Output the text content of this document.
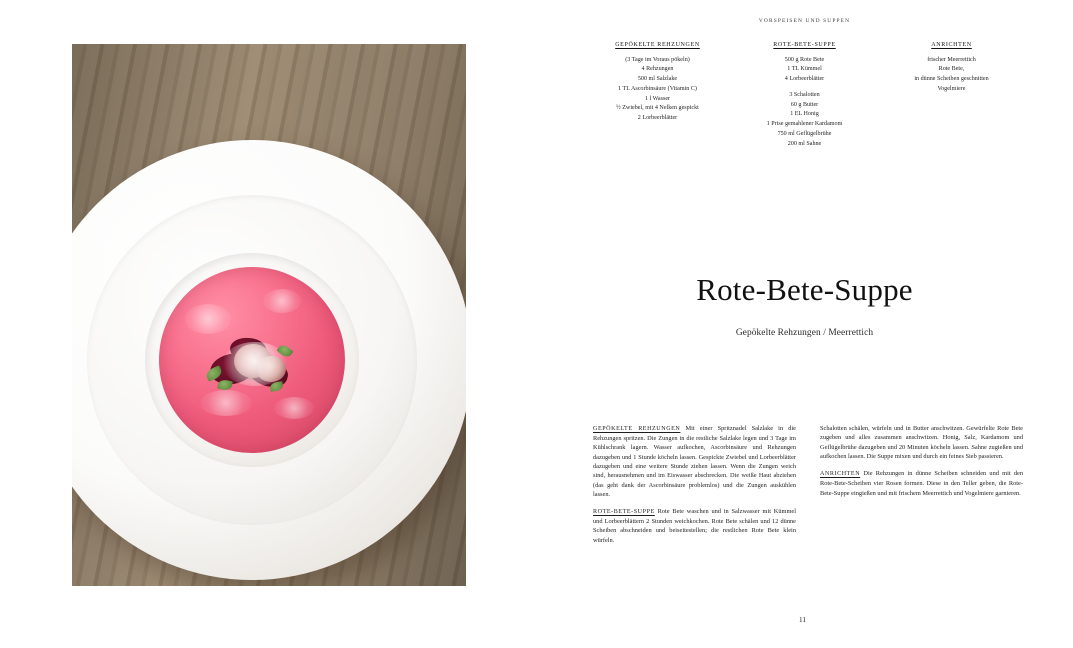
VORSPEISEN UND SUPPEN
GEPÖKELTE REHZUNGEN
(3 Tage im Voraus pökeln)
4 Rehzungen
500 ml Salzlake
1 TL Ascorbinsäure (Vitamin C)
1 l Wasser
½ Zwiebel, mit 4 Nelken gespickt
2 Lorbeerblätter
ROTE-BETE-SUPPE
500 g Rote Bete
1 TL Kümmel
4 Lorbeerblätter
3 Schalotten
60 g Butter
1 EL Honig
1 Prise gemahlener Kardamom
750 ml Geflügelbrühe
200 ml Sahne
ANRICHTEN
frischer Meerrettich
Rote Bete,
in dünne Scheiben geschnitten
Vogelmiere
Rote-Bete-Suppe
Gepökelte Rehzungen / Meerrettich

GEPÖKELTE REHZUNGEN Mit einer Spritznadel Salzlake in die Rehzungen spritzen. Die Zungen in die restliche Salzlake legen und 3 Tage im Kühlschrank lagern. Wasser aufkochen, Ascorbinsäure und Rehzungen dazugeben und 1 Stunde köcheln lassen. Gespickte Zwiebel und Lorbeerblätter dazugeben und eine weitere Stunde ziehen lassen. Wenn die Zungen weich sind, herausnehmen und im Eiswasser abschrecken. Die weiße Haut abziehen (das geht dank der Ascorbinsäure problemlos) und die Zungen auskühlen lassen.

ROTE-BETE-SUPPE Rote Bete waschen und in Salzwasser mit Kümmel und Lorbeerblättern 2 Stunden weichkochen. Rote Bete schälen und 12 dünne Scheiben abschneiden und beiseitestellen; die restlichen Rote Bete klein würfeln.

Schalotten schälen, würfeln und in Butter anschwitzen. Gewürfelte Rote Bete zugeben und alles zusammen anschwitzen. Honig, Salz, Kardamom und Geflügelbrühe dazugeben und 20 Minuten köcheln lassen. Sahne zugießen und aufkochen lassen. Die Suppe mixen und durch ein feines Sieb passieren.

ANRICHTEN Die Rehzungen in dünne Scheiben schneiden und mit den Rote-Bete-Scheiben vier Rosen formen. Diese in den Teller geben, die Rote-Bete-Suppe eingießen und mit frischem Meerrettich und Vogelmiere garnieren.

11
